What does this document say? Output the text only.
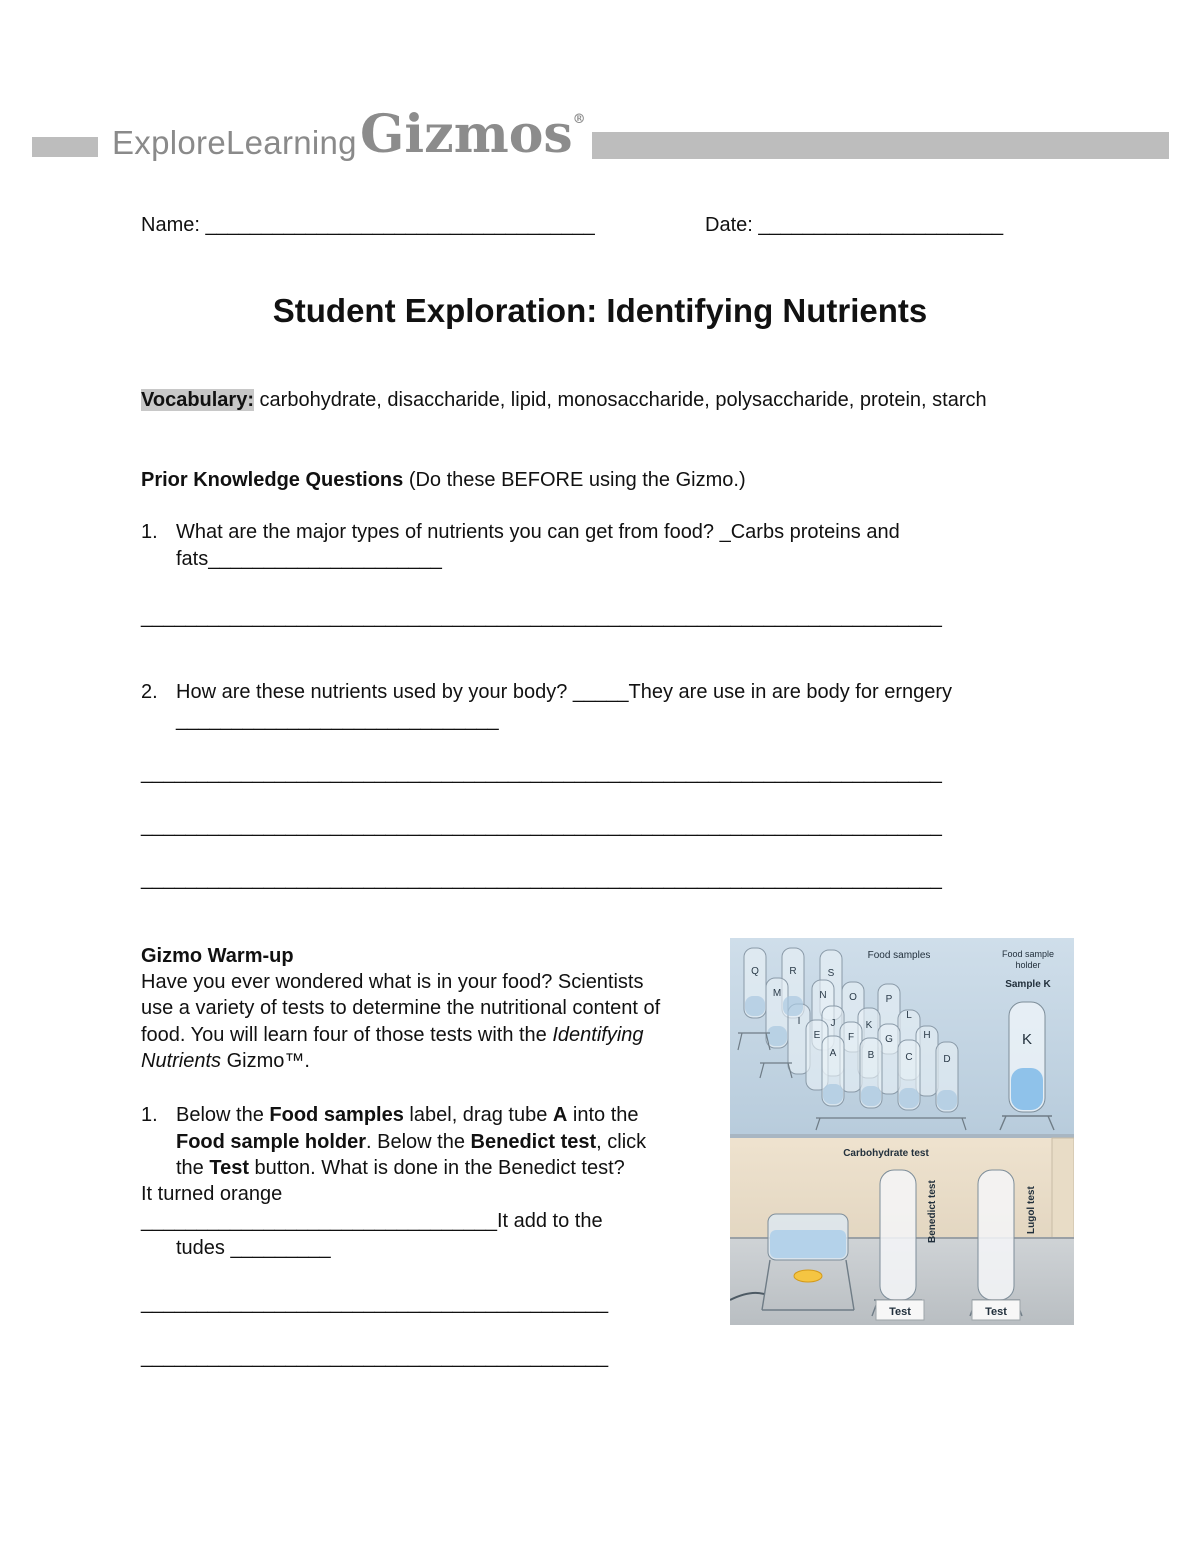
ExploreLearning Gizmos®
Name: ___________________________________	Date: ______________________
Student Exploration: Identifying Nutrients
Vocabulary: carbohydrate, disaccharide, lipid, monosaccharide, polysaccharide, protein, starch
Prior Knowledge Questions (Do these BEFORE using the Gizmo.)
1. What are the major types of nutrients you can get from food? _Carbs proteins and
fats_____________________
________________________________________________________________________
2. How are these nutrients used by your body? _____They are use in are body for erngery
_____________________________
________________________________________________________________________
________________________________________________________________________
________________________________________________________________________
Gizmo Warm-up
Have you ever wondered what is in your food? Scientists
use a variety of tests to determine the nutritional content of
food. You will learn four of those tests with the Identifying
Nutrients Gizmo™.
1. Below the Food samples label, drag tube A into the
Food sample holder. Below the Benedict test, click
the Test button. What is done in the Benedict test?
It turned orange
________________________________It add to the
tudes _________
__________________________________________
__________________________________________
Q	R	S
M	N O	P
I	J	K
L
E	F	G	H
A	B	C	D
Food samples	Food sample
holder
Sample K
K
Carbohydrate test
Benedict test	Lugol test
Test	Test
